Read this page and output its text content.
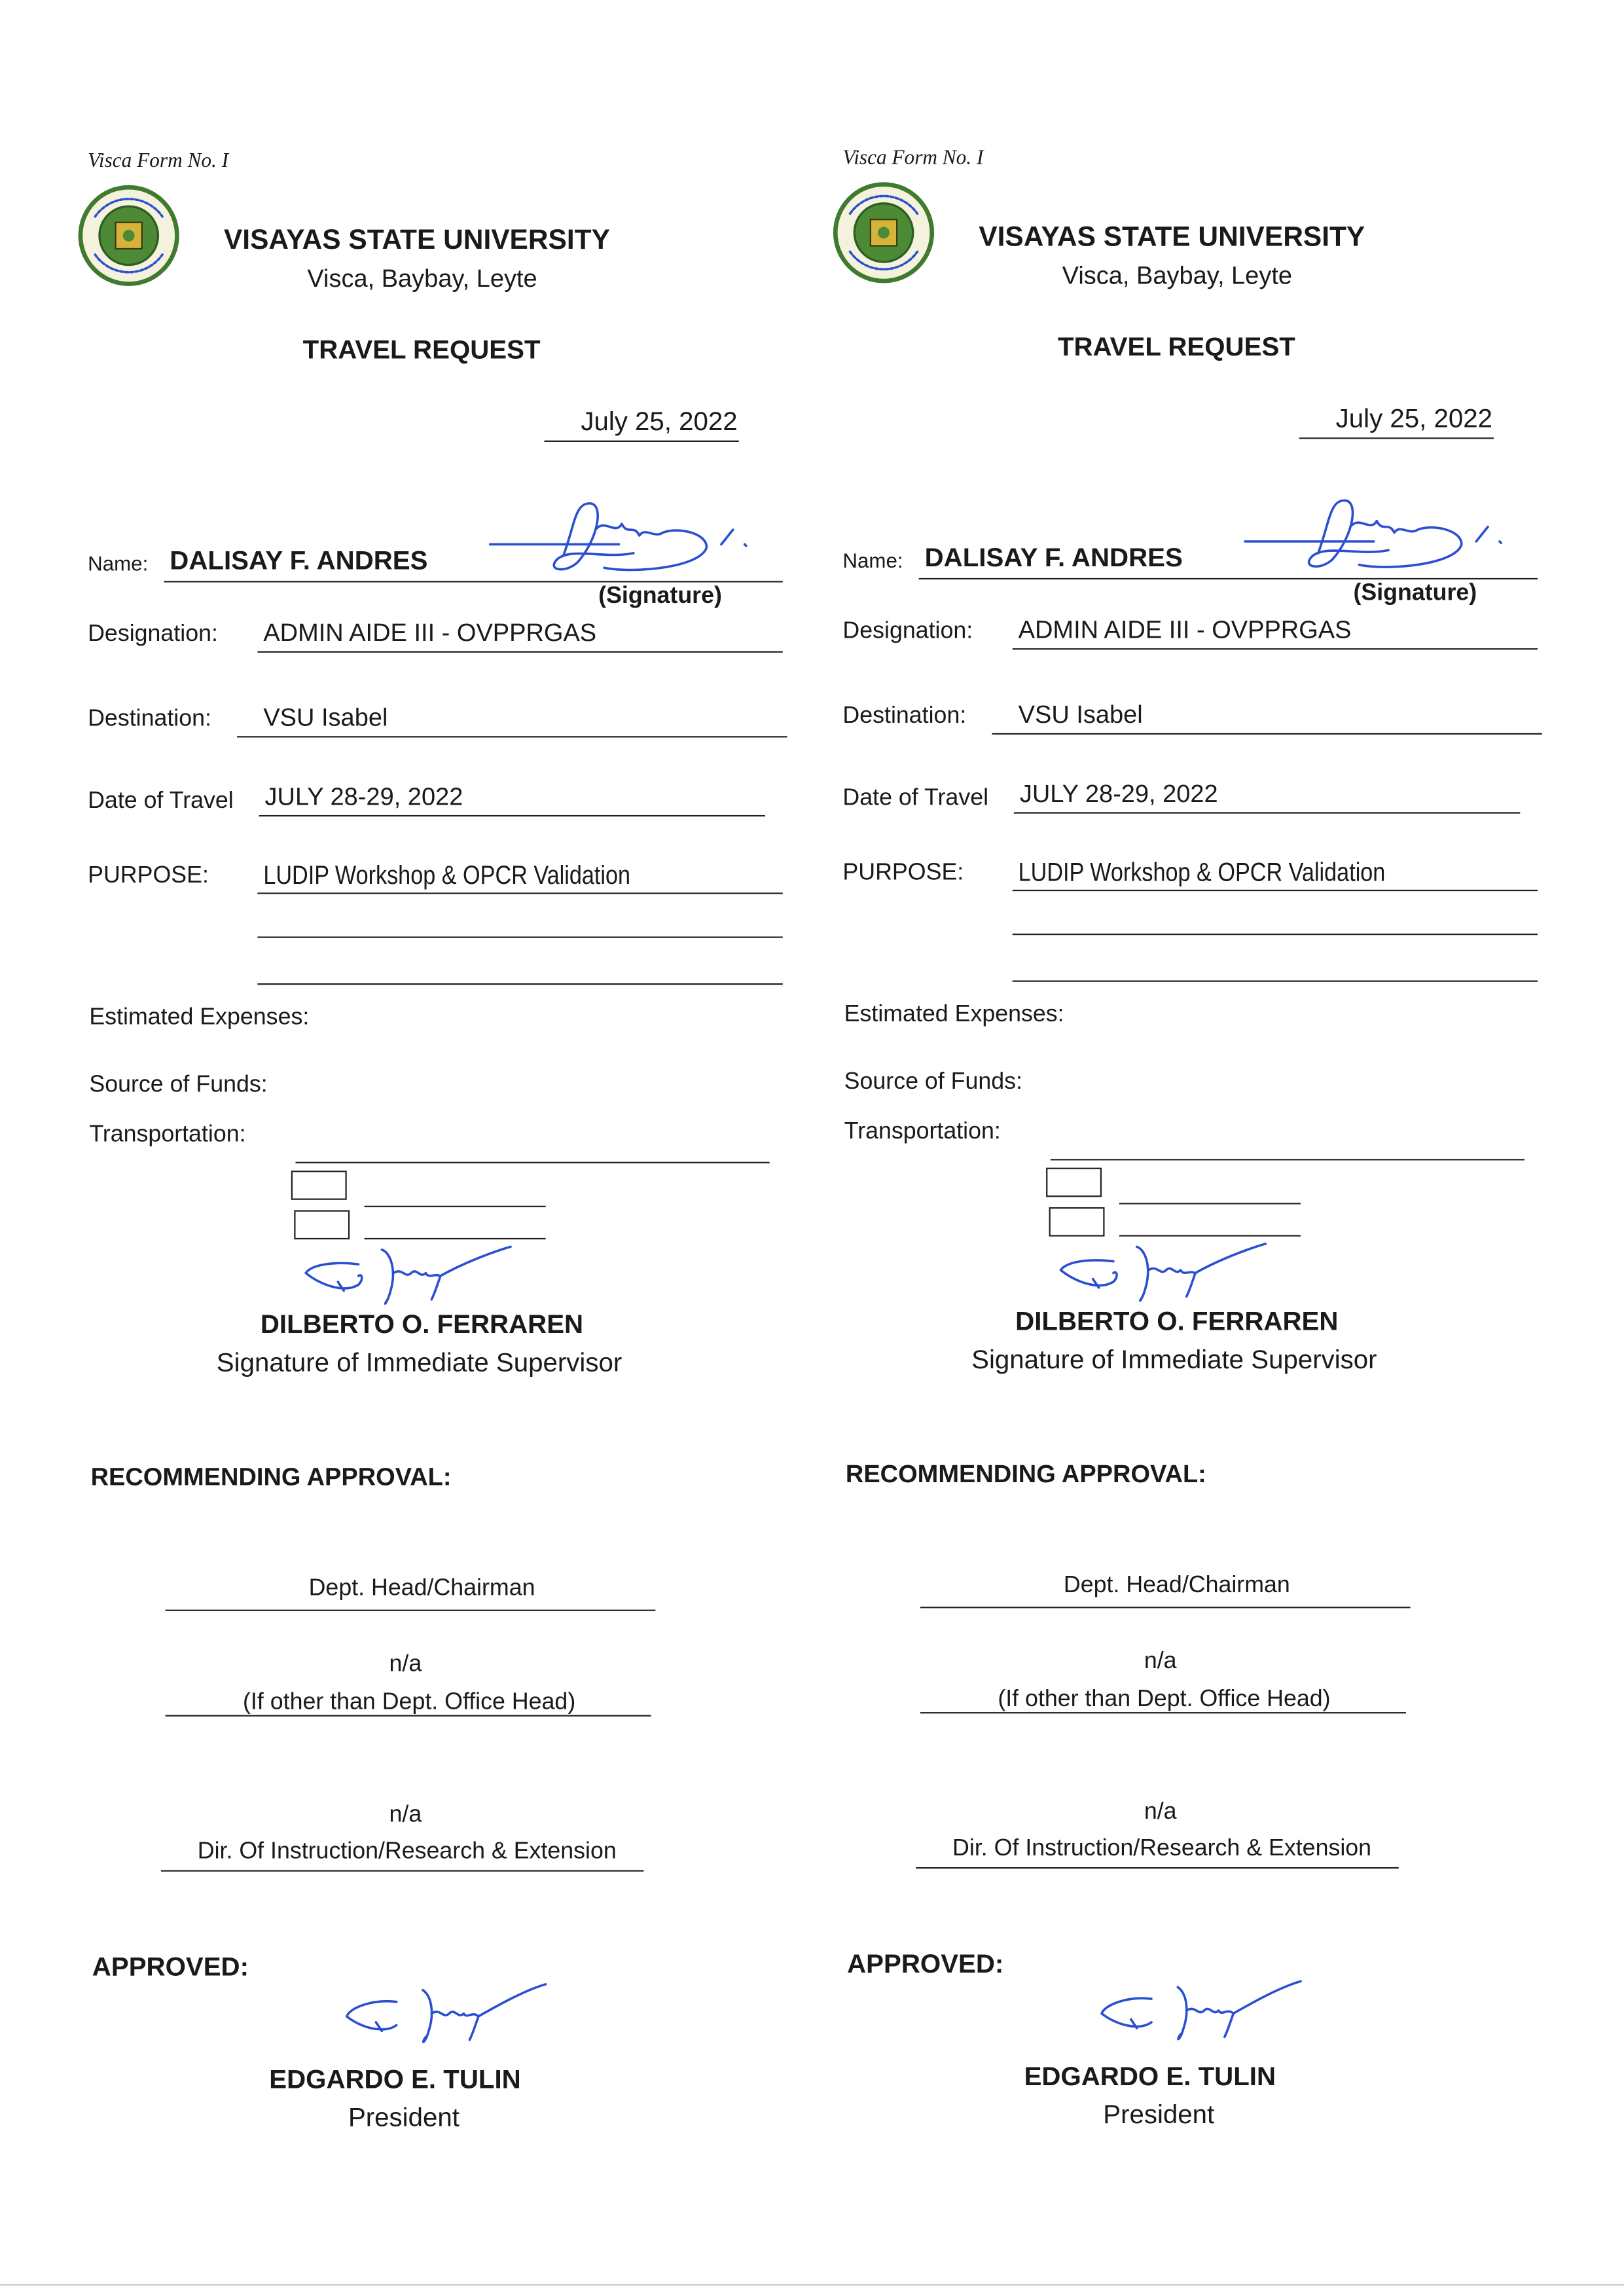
Visca Form No. I
VISAYAS STATE UNIVERSITY
Visca, Baybay, Leyte
TRAVEL REQUEST
July 25, 2022
Name: DALISAY F. ANDRES
(Signature)
Designation:	ADMIN AIDE III - OVPPRGAS
Destination:	VSU Isabel
Date of Travel	JULY 28-29, 2022
PURPOSE:	LUDIP Workshop & OPCR Validation
Estimated Expenses:
Source of Funds:
Transportation:
DILBERTO O. FERRAREN
Signature of Immediate Supervisor
RECOMMENDING APPROVAL:
Dept. Head/Chairman
n/a
(If other than Dept. Office Head)
n/a
Dir. Of Instruction/Research & Extension
APPROVED:
EDGARDO E. TULIN
President
Visca Form No. I
VISAYAS STATE UNIVERSITY
Visca, Baybay, Leyte
TRAVEL REQUEST
July 25, 2022
Name: DALISAY F. ANDRES
(Signature)
Designation:	ADMIN AIDE III - OVPPRGAS
Destination:	VSU Isabel
Date of Travel	JULY 28-29, 2022
PURPOSE:	LUDIP Workshop & OPCR Validation
Estimated Expenses:
Source of Funds:
Transportation:
DILBERTO O. FERRAREN
Signature of Immediate Supervisor
RECOMMENDING APPROVAL:
Dept. Head/Chairman
n/a
(If other than Dept. Office Head)
n/a
Dir. Of Instruction/Research & Extension
APPROVED:
EDGARDO E. TULIN
President
